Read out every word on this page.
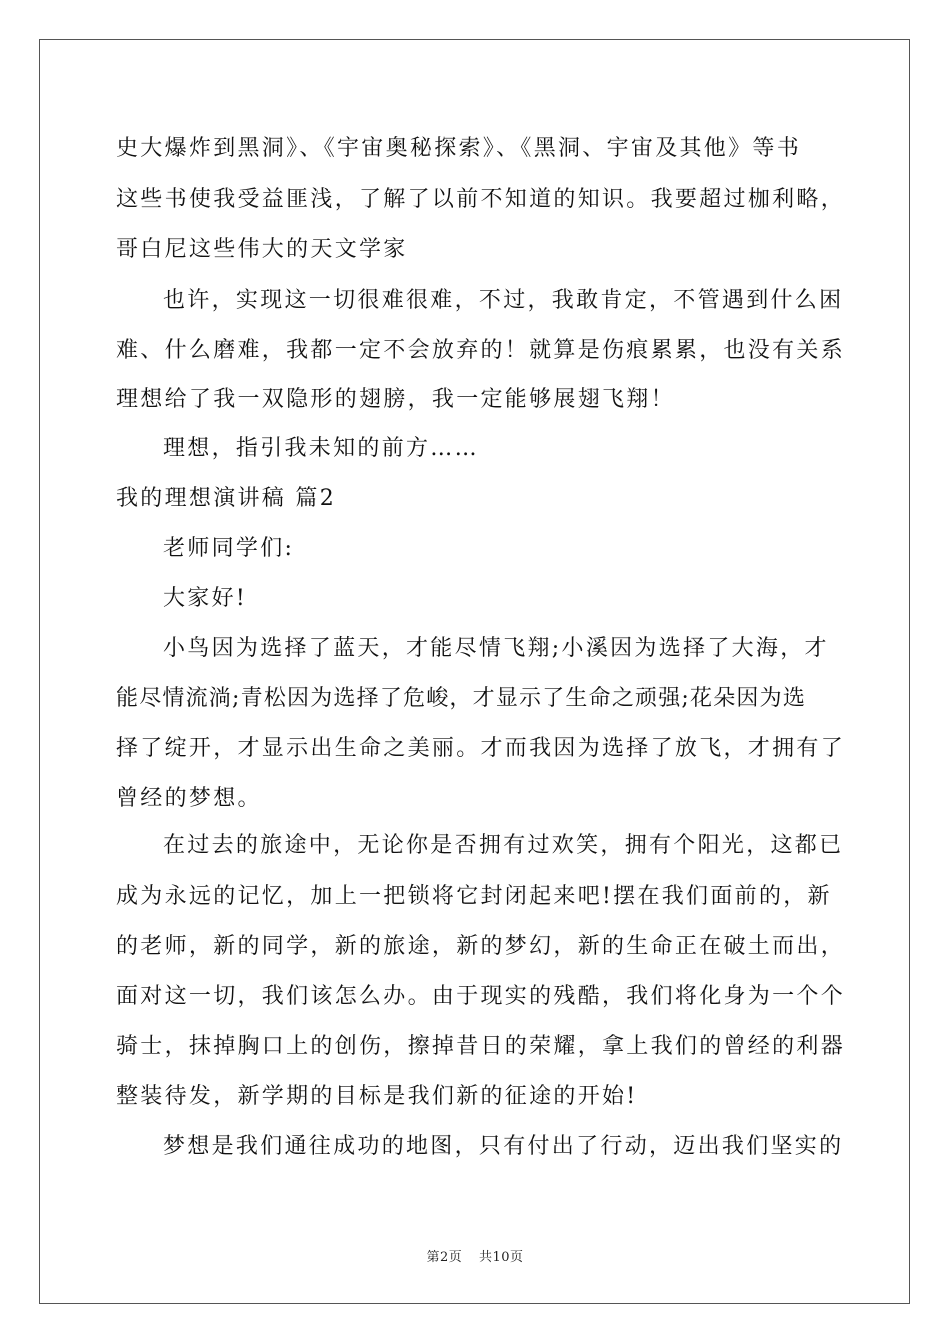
史大爆炸到黑洞》、《宇宙奥秘探索》、《黑洞、宇宙及其他》等书
这些书使我受益匪浅，了解了以前不知道的知识。我要超过枷利略，
哥白尼这些伟大的天文学家
也许，实现这一切很难很难，不过，我敢肯定，不管遇到什么困
难、什么磨难，我都一定不会放弃的！就算是伤痕累累，也没有关系
理想给了我一双隐形的翅膀，我一定能够展翅飞翔！
理想，指引我未知的前方……
我的理想演讲稿 篇2
老师同学们:
大家好!
小鸟因为选择了蓝天，才能尽情飞翔;小溪因为选择了大海，才
能尽情流淌;青松因为选择了危峻，才显示了生命之顽强;花朵因为选
择了绽开，才显示出生命之美丽。才而我因为选择了放飞，才拥有了
曾经的梦想。
在过去的旅途中，无论你是否拥有过欢笑，拥有个阳光，这都已
成为永远的记忆，加上一把锁将它封闭起来吧!摆在我们面前的，新
的老师，新的同学，新的旅途，新的梦幻，新的生命正在破土而出，
面对这一切，我们该怎么办。由于现实的残酷，我们将化身为一个个
骑士，抹掉胸口上的创伤，擦掉昔日的荣耀，拿上我们的曾经的利器
整装待发，新学期的目标是我们新的征途的开始!
梦想是我们通往成功的地图，只有付出了行动，迈出我们坚实的
第2页 共10页
